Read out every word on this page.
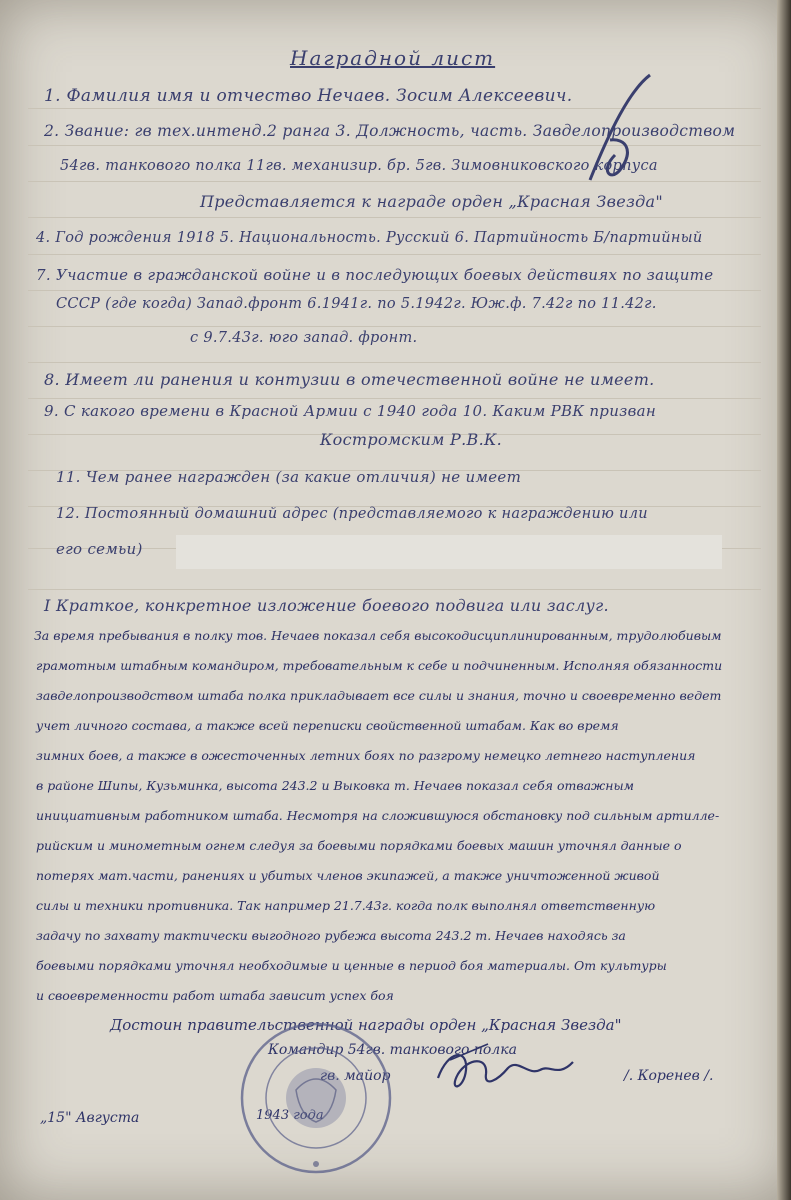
Наградной лист
1. Фамилия имя и отчество Нечаев. Зосим Алексеевич.
2. Звание: гв тех.интенд.2 ранга 3. Должность, часть. Завделопроизводством
54гв. танкового полка 11гв. механизир. бр. 5гв. Зимовниковского корпуса
Представляется к награде орден „Красная Звезда"
4. Год рождения 1918 5. Национальность. Русский 6. Партийность Б/партийный
7. Участие в гражданской войне и в последующих боевых действиях по защите
СССР (где когда) Запад.фронт 6.1941г. по 5.1942г. Юж.ф. 7.42г по 11.42г.
с 9.7.43г. юго запад. фронт.
8. Имеет ли ранения и контузии в отечественной войне не имеет.
9. С какого времени в Красной Армии с 1940 года 10. Каким РВК призван
Костромским Р.В.К.
11. Чем ранее награжден (за какие отличия) не имеет
12. Постоянный домашний адрес (представляемого к награждению или
его семьи)
I Краткое, конкретное изложение боевого подвига или заслуг.
За время пребывания в полку тов. Нечаев показал себя высокодисциплинированным, трудолюбивым
грамотным штабным командиром, требовательным к себе и подчиненным. Исполняя обязанности
завделопроизводством штаба полка прикладывает все силы и знания, точно и своевременно ведет
учет личного состава, а также всей переписки свойственной штабам. Как во время
зимних боев, а также в ожесточенных летних боях по разгрому немецко летнего наступления
в районе Шипы, Кузьминка, высота 243.2 и Выковка т. Нечаев показал себя отважным
инициативным работником штаба. Несмотря на сложившуюся обстановку под сильным артилле-
рийским и минометным огнем следуя за боевыми порядками боевых машин уточнял данные о
потерях мат.части, ранениях и убитых членов экипажей, а также уничтоженной живой
силы и техники противника. Так например 21.7.43г. когда полк выполнял ответственную
задачу по захвату тактически выгодного рубежа высота 243.2 т. Нечаев находясь за
боевыми порядками уточнял необходимые и ценные в период боя материалы. От культуры
и своевременности работ штаба зависит успех боя
Достоин правительственной награды орден „Красная Звезда"
Командир 54гв. танкового полка
гв. майор	/. Коренев /.
„15" Августа	1943 года
